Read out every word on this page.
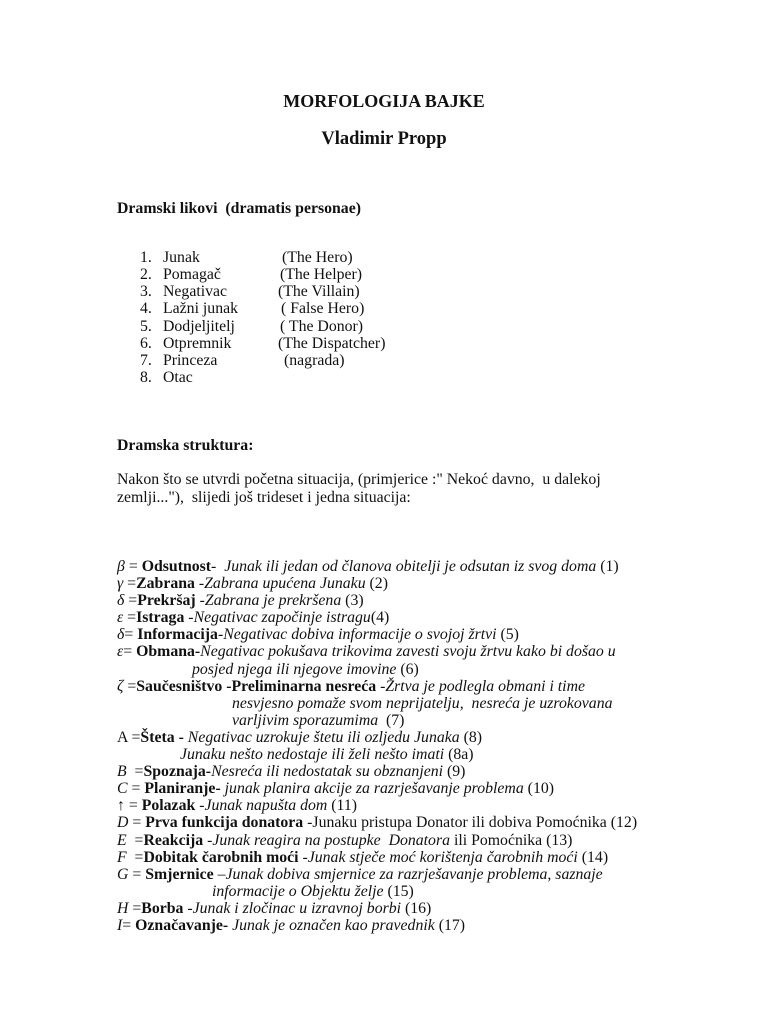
MORFOLOGIJA BAJKE
Vladimir Propp
Dramski likovi  (dramatis personae)
1. Junak	(The Hero)
2. Pomagač	(The Helper)
3. Negativac	(The Villain)
4. Lažni junak	( False Hero)
5. Dodjeljitelj	( The Donor)
6. Otpremnik	(The Dispatcher)
7. Princeza	(nagrada)
8. Otac
Dramska struktura:
Nakon što se utvrdi početna situacija, (primjerice :" Nekoć davno,  u dalekoj
zemlji..."),  slijedi još trideset i jedna situacija:
β = Odsutnost-  Junak ili jedan od članova obitelji je odsutan iz svog doma (1)
γ =Zabrana -Zabrana upućena Junaku (2)
δ =Prekršaj -Zabrana je prekršena (3)
ε =Istraga -Negativac započinje istragu(4)
δ= Informacija-Negativac dobiva informacije o svojoj žrtvi (5)
ε= Obmana-Negativac pokušava trikovima zavesti svoju žrtvu kako bi došao u
posjed njega ili njegove imovine (6)
ζ =Saučesništvo -Preliminarna nesreća -Žrtva je podlegla obmani i time
nesvjesno pomaže svom neprijatelju,  nesreća je uzrokovana
varljivim sporazumima  (7)
A =Šteta - Negativac uzrokuje štetu ili ozljedu Junaka (8)
Junaku nešto nedostaje ili želi nešto imati (8a)
B  =Spoznaja-Nesreća ili nedostatak su obznanjeni (9)
C = Planiranje- junak planira akcije za razrješavanje problema (10)
↑ = Polazak -Junak napušta dom (11)
D = Prva funkcija donatora -Junaku pristupa Donator ili dobiva Pomoćnika (12)
E  =Reakcija -Junak reagira na postupke  Donatora ili Pomoćnika (13)
F  =Dobitak čarobnih moći -Junak stječe moć korištenja čarobnih moći (14)
G = Smjernice –Junak dobiva smjernice za razrješavanje problema, saznaje
informacije o Objektu želje (15)
H =Borba -Junak i zločinac u izravnoj borbi (16)
I= Označavanje- Junak je označen kao pravednik (17)
